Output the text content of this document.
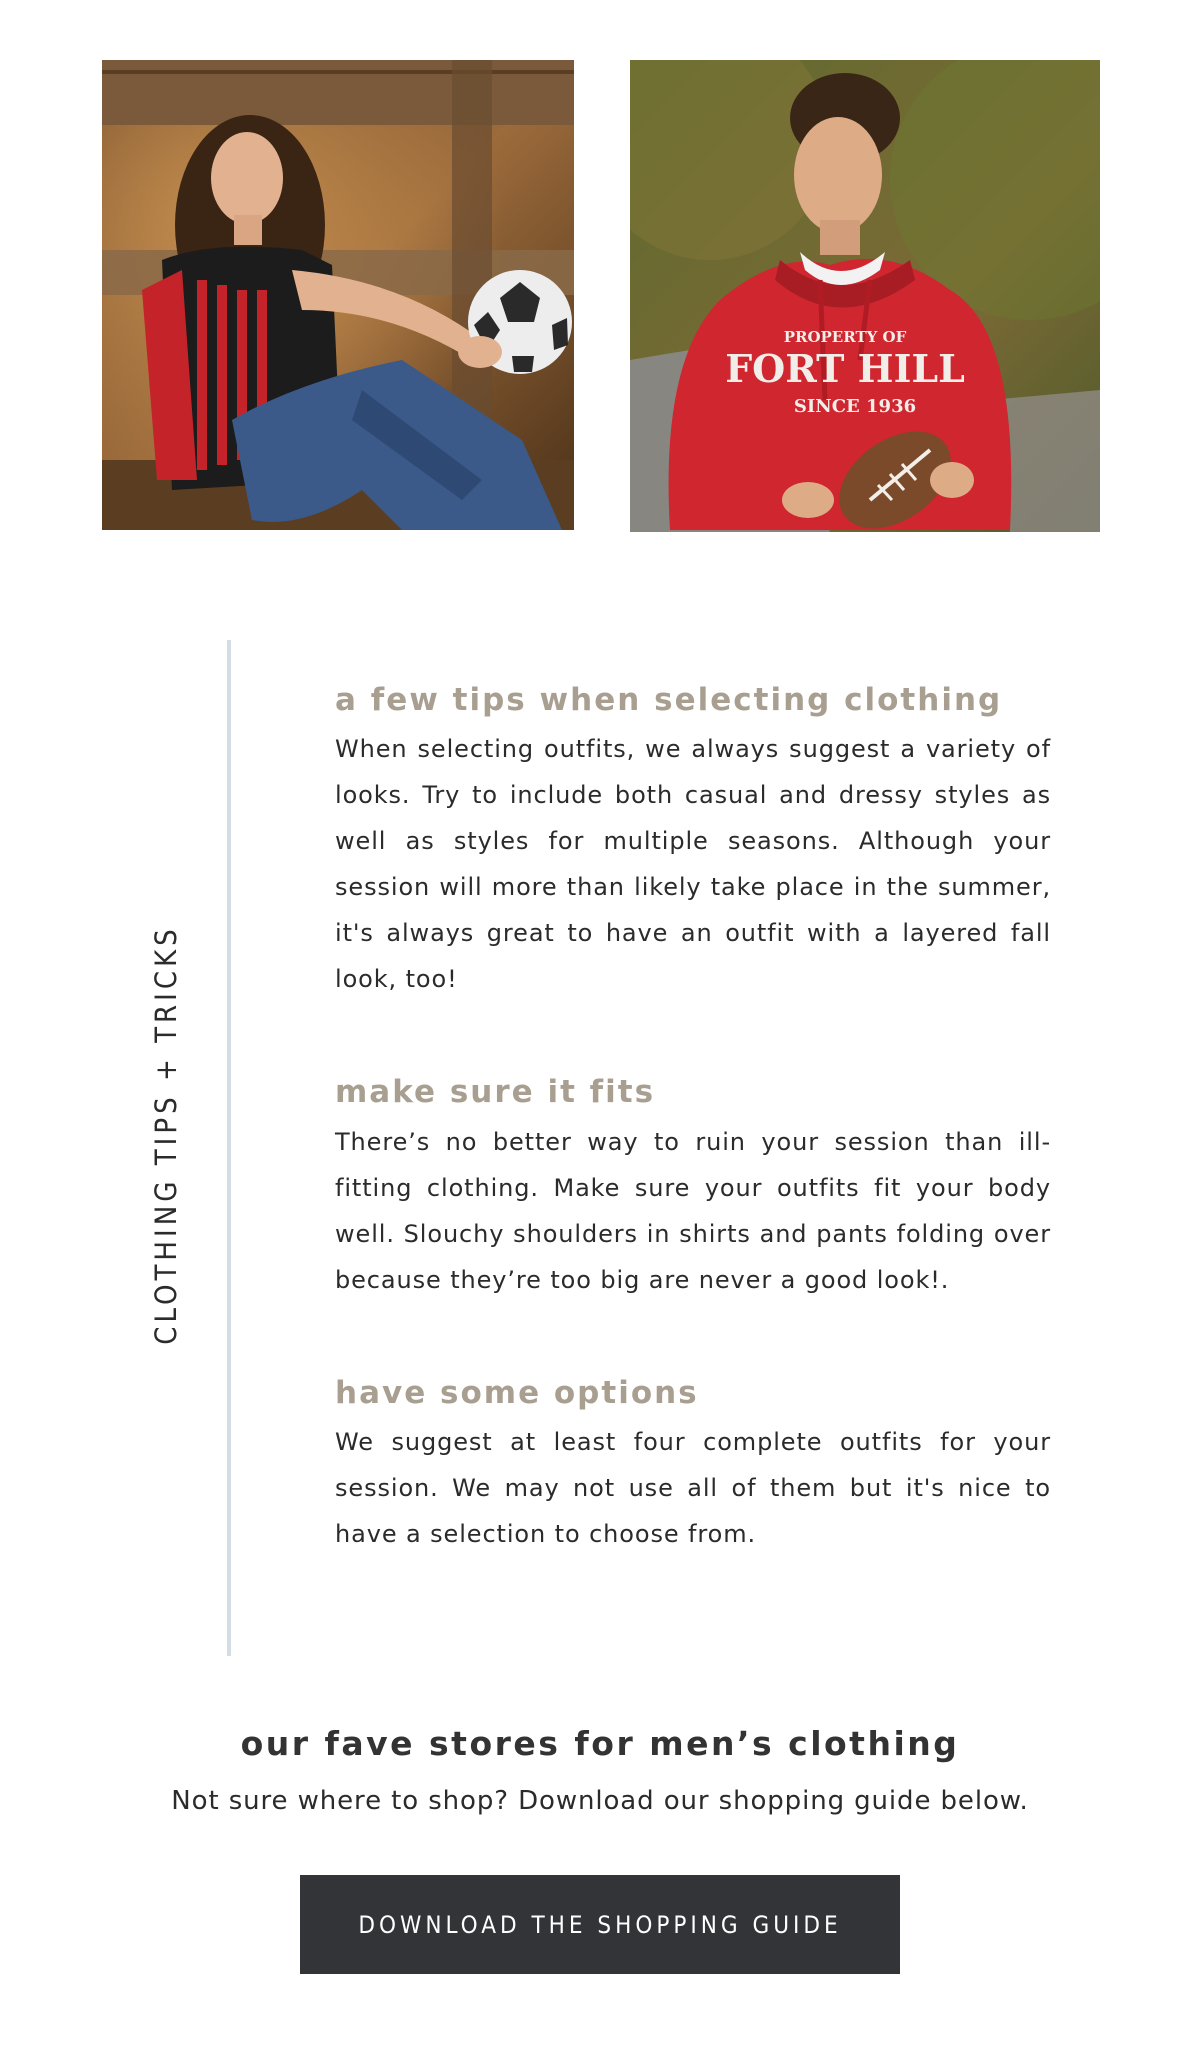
PROPERTY OF
FORT HILL
SINCE 1936
CLOTHING TIPS + TRICKS
a few tips when selecting clothing

When selecting outfits, we always suggest a variety of looks. Try to include both casual and dressy styles as well as styles for multiple seasons. Although your session will more than likely take place in the summer, it's always great to have an outfit with a layered fall look, too!

make sure it fits

There’s no better way to ruin your session than ill-fitting clothing. Make sure your outfits fit your body well. Slouchy shoulders in shirts and pants folding over because they’re too big are never a good look!.

have some options

We suggest at least four complete outfits for your session. We may not use all of them but it's nice to have a selection to choose from.

our fave stores for men’s clothing

Not sure where to shop? Download our shopping guide below.

DOWNLOAD THE SHOPPING GUIDE
